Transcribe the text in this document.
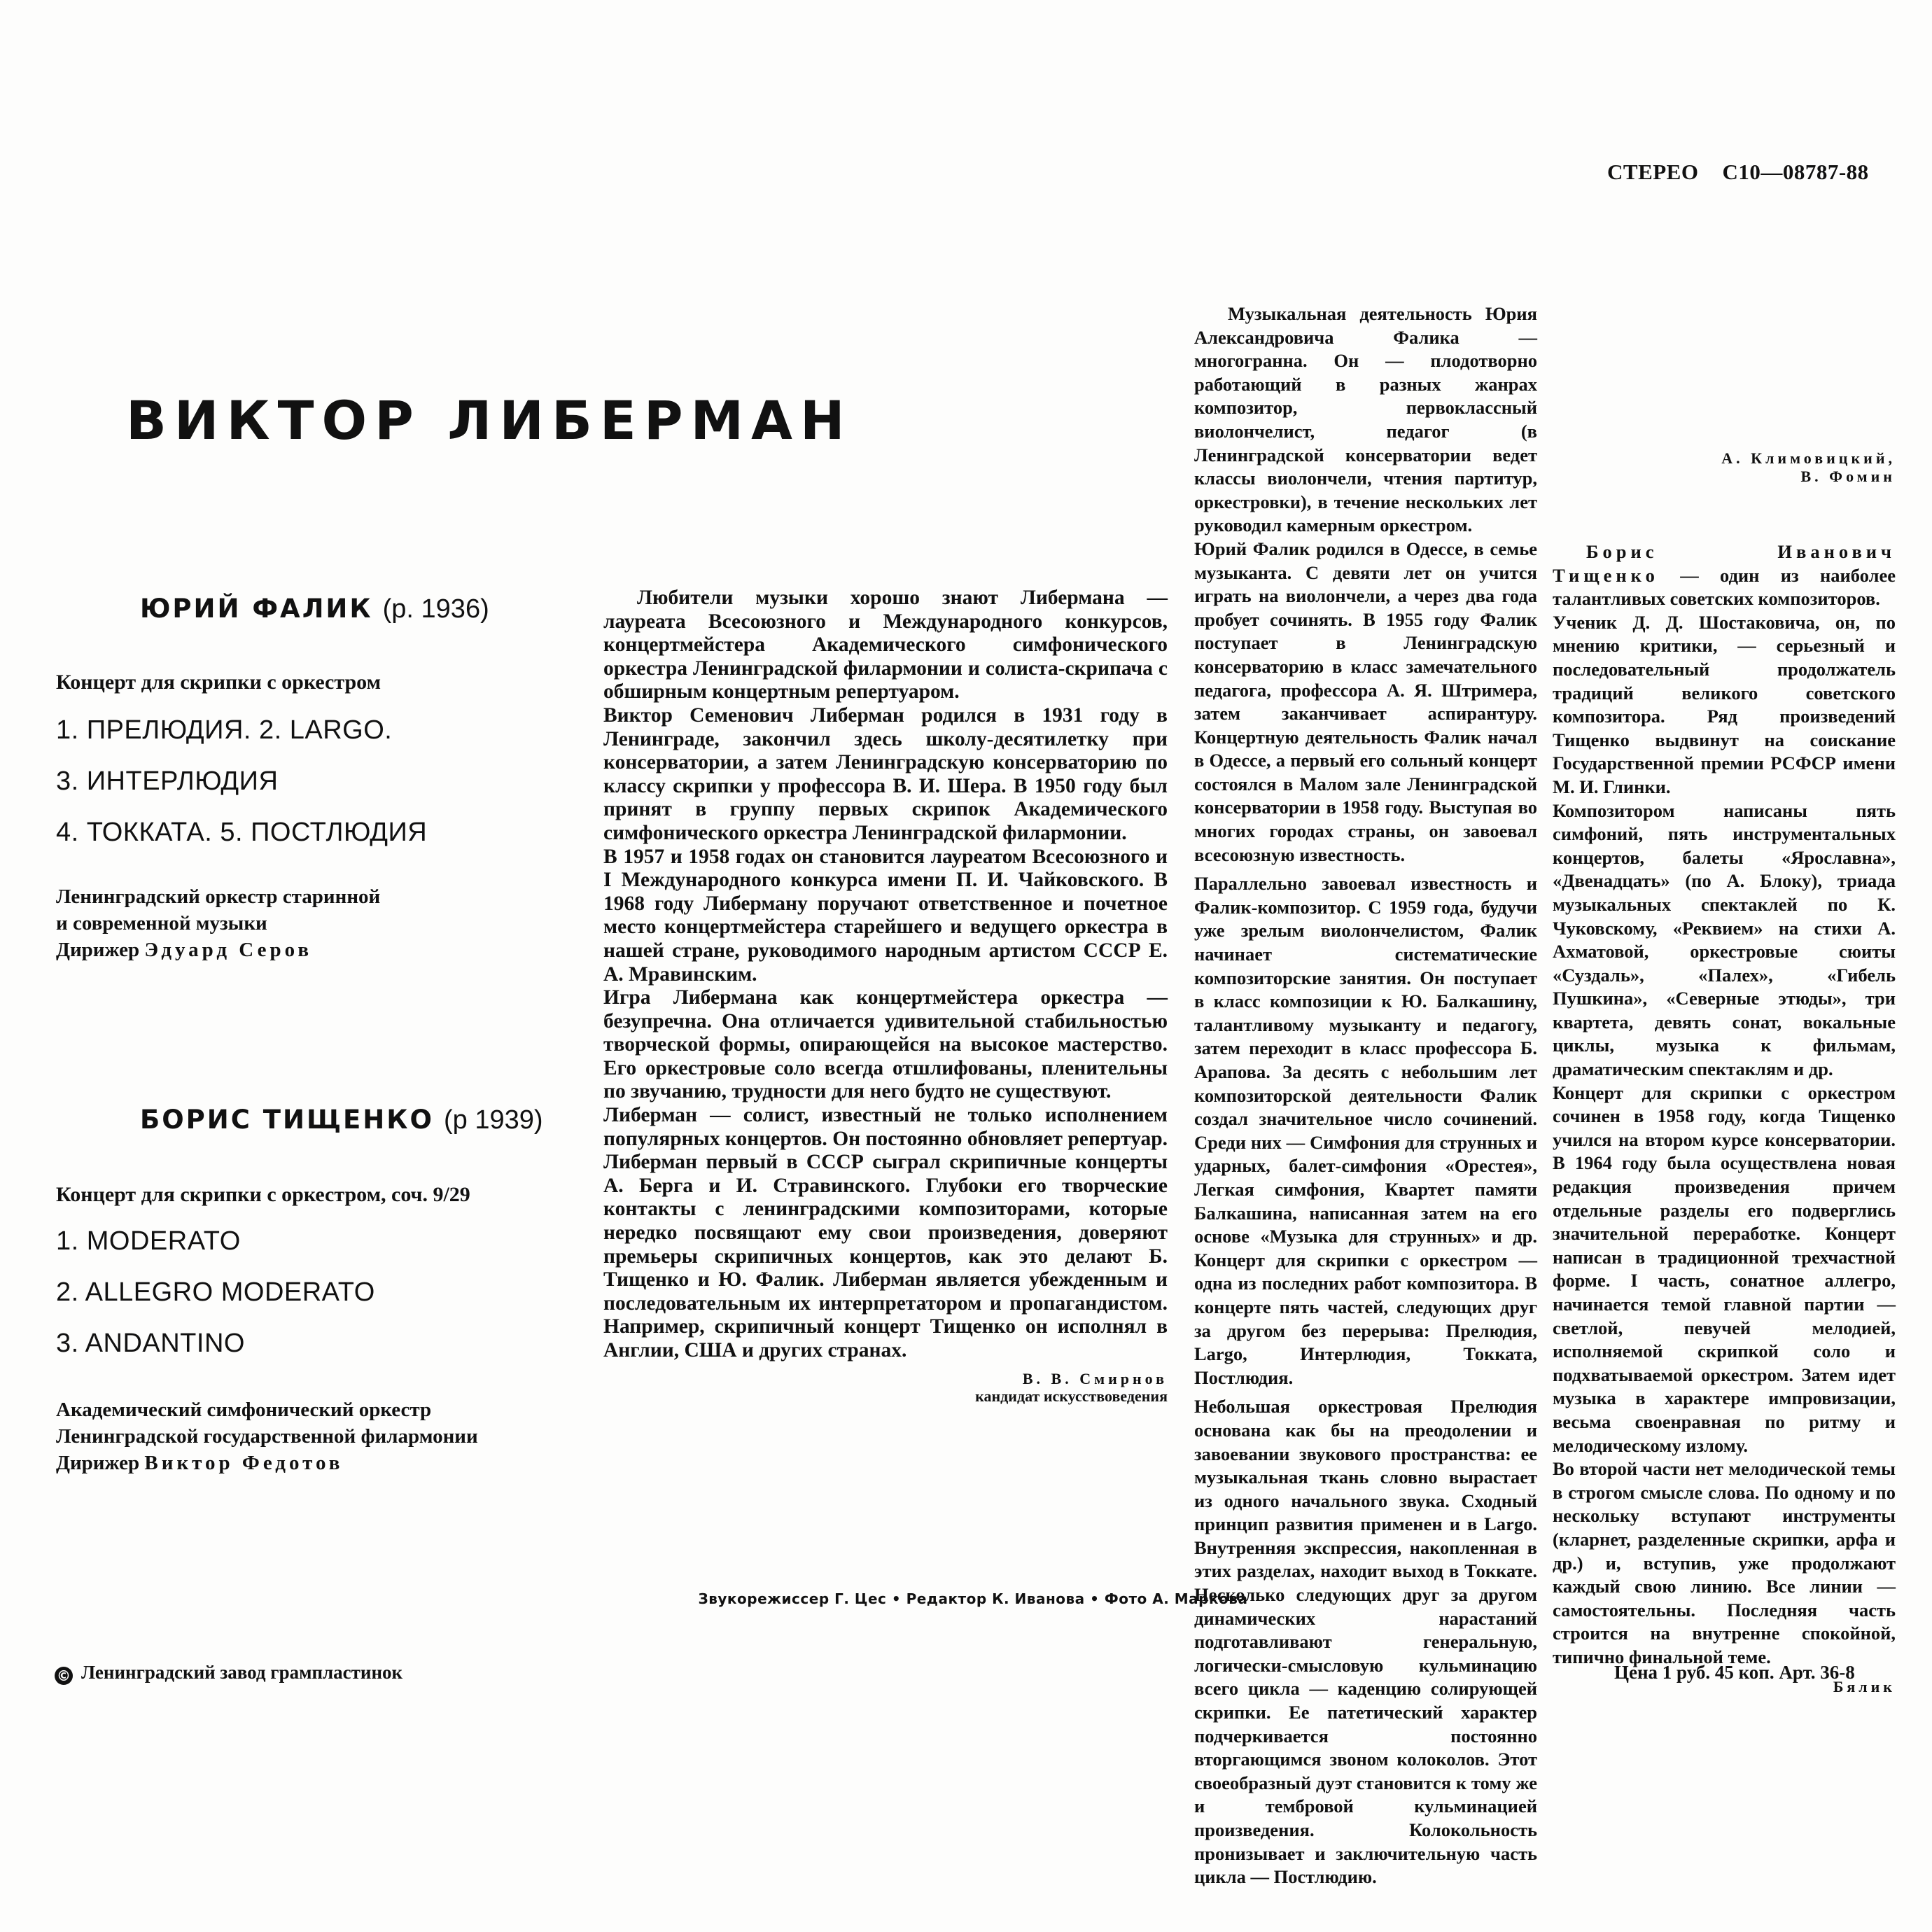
СТЕРЕО С10—08787-88
ВИКТОР ЛИБЕРМАН
ЮРИЙ ФАЛИК (р. 1936)
Концерт для скрипки с оркестром
1. ПРЕЛЮДИЯ. 2. LARGO.
3. ИНТЕРЛЮДИЯ
4. ТОККАТА. 5. ПОСТЛЮДИЯ
Ленинградский оркестр старинной
и современной музыки
Дирижер Эдуард Серов
БОРИС ТИЩЕНКО (р 1939)
Концерт для скрипки с оркестром, соч. 9/29
1. MODERATO
2. ALLEGRO MODERATO
3. ANDANTINO
Академический симфонический оркестр
Ленинградской государственной филармонии
Дирижер Виктор Федотов

Любители музыки хорошо знают Либермана — лауреата Всесоюзного и Международного конкурсов, концертмейстера Академического симфонического оркестра Ленинградской филармонии и солиста-скрипача с обширным концертным репертуаром.

Виктор Семенович Либерман родился в 1931 году в Ленинграде, закончил здесь школу-десятилетку при консерватории, а затем Ленинградскую консерваторию по классу скрипки у профессора В. И. Шера. В 1950 году был принят в группу первых скрипок Академического симфонического оркестра Ленинградской филармонии.

В 1957 и 1958 годах он становится лауреатом Всесоюзного и I Международного конкурса имени П. И. Чайковского. В 1968 году Либерману поручают ответственное и почетное место концертмейстера старейшего и ведущего оркестра в нашей стране, руководимого народным артистом СССР Е. А. Мравинским.

Игра Либермана как концертмейстера оркестра — безупречна. Она отличается удивительной стабильностью творческой формы, опирающейся на высокое мастерство. Его оркестровые соло всегда отшлифованы, пленительны по звучанию, трудности для него будто не существуют.

Либерман — солист, известный не только исполнением популярных концертов. Он постоянно обновляет репертуар. Либерман первый в СССР сыграл скрипичные концерты А. Берга и И. Стравинского. Глубоки его творческие контакты с ленинградскими композиторами, которые нередко посвящают ему свои произведения, доверяют премьеры скрипичных концертов, как это делают Б. Тищенко и Ю. Фалик. Либерман является убежденным и последовательным их интерпретатором и пропагандистом. Например, скрипичный концерт Тищенко он исполнял в Англии, США и других странах.

В. В. Смирнов

кандидат искусствоведения

Музыкальная деятельность Юрия Александровича Фалика — многогранна. Он — плодотворно работающий в разных жанрах композитор, первоклассный виолончелист, педагог (в Ленинградской консерватории ведет классы виолончели, чтения партитур, оркестровки), в течение нескольких лет руководил камерным оркестром.

Юрий Фалик родился в Одессе, в семье музыканта. С девяти лет он учится играть на виолончели, а через два года пробует сочинять. В 1955 году Фалик поступает в Ленинградскую консерваторию в класс замечательного педагога, профессора А. Я. Штримера, затем заканчивает аспирантуру. Концертную деятельность Фалик начал в Одессе, а первый его сольный концерт состоялся в Малом зале Ленинградской консерватории в 1958 году. Выступая во многих городах страны, он завоевал всесоюзную известность.

Параллельно завоевал известность и Фалик-композитор. С 1959 года, будучи уже зрелым виолончелистом, Фалик начинает систематические композиторские занятия. Он поступает в класс композиции к Ю. Балкашину, талантливому музыканту и педагогу, затем переходит в класс профессора Б. Арапова. За десять с небольшим лет композиторской деятельности Фалик создал значительное число сочинений. Среди них — Симфония для струнных и ударных, балет-симфония «Орестея», Легкая симфония, Квартет памяти Балкашина, написанная затем на его основе «Музыка для струнных» и др. Концерт для скрипки с оркестром — одна из последних работ композитора. В концерте пять частей, следующих друг за другом без перерыва: Прелюдия, Largo, Интерлюдия, Токката, Постлюдия.

Небольшая оркестровая Прелюдия основана как бы на преодолении и завоевании звукового пространства: ее музыкальная ткань словно вырастает из одного начального звука. Сходный принцип развития применен и в Largo. Внутренняя экспрессия, накопленная в этих разделах, находит выход в Токкате. Несколько следующих друг за другом динамических нарастаний подготавливают генеральную, логически-смысловую кульминацию всего цикла — каденцию солирующей скрипки. Ее патетический характер подчеркивается постоянно вторгающимся звоном колоколов. Этот своеобразный дуэт становится к тому же и тембровой кульминацией произведения. Колокольность пронизывает и заключительную часть цикла — Постлюдию.

А. Климовицкий,

В. Фомин

Борис Иванович Тищенко — один из наиболее талантливых советских композиторов.

Ученик Д. Д. Шостаковича, он, по мнению критики, — серьезный и последовательный продолжатель традиций великого советского композитора. Ряд произведений Тищенко выдвинут на соискание Государственной премии РСФСР имени М. И. Глинки.

Композитором написаны пять симфоний, пять инструментальных концертов, балеты «Ярославна», «Двенадцать» (по А. Блоку), триада музыкальных спектаклей по К. Чуковскому, «Реквием» на стихи А. Ахматовой, оркестровые сюиты «Суздаль», «Палех», «Гибель Пушкина», «Северные этюды», три квартета, девять сонат, вокальные циклы, музыка к фильмам, драматическим спектаклям и др.

Концерт для скрипки с оркестром сочинен в 1958 году, когда Тищенко учился на втором курсе консерватории. В 1964 году была осуществлена новая редакция произведения причем отдельные разделы его подверглись значительной переработке. Концерт написан в традиционной трехчастной форме. I часть, сонатное аллегро, начинается темой главной партии — светлой, певучей мелодией, исполняемой скрипкой соло и подхватываемой оркестром. Затем идет музыка в характере импровизации, весьма своенравная по ритму и мелодическому излому.

Во второй части нет мелодической темы в строгом смысле слова. По одному и по нескольку вступают инструменты (кларнет, разделенные скрипки, арфа и др.) и, вступив, уже продолжают каждый свою линию. Все линии — самостоятельны. Последняя часть строится на внутренне спокойной, типично финальной теме.

Бялик

Звукорежиссер Г. Цес • Редактор К. Иванова • Фото А. Маркова
© Ленинградский завод грампластинок	Цена 1 руб. 45 коп. Арт. 36-8
